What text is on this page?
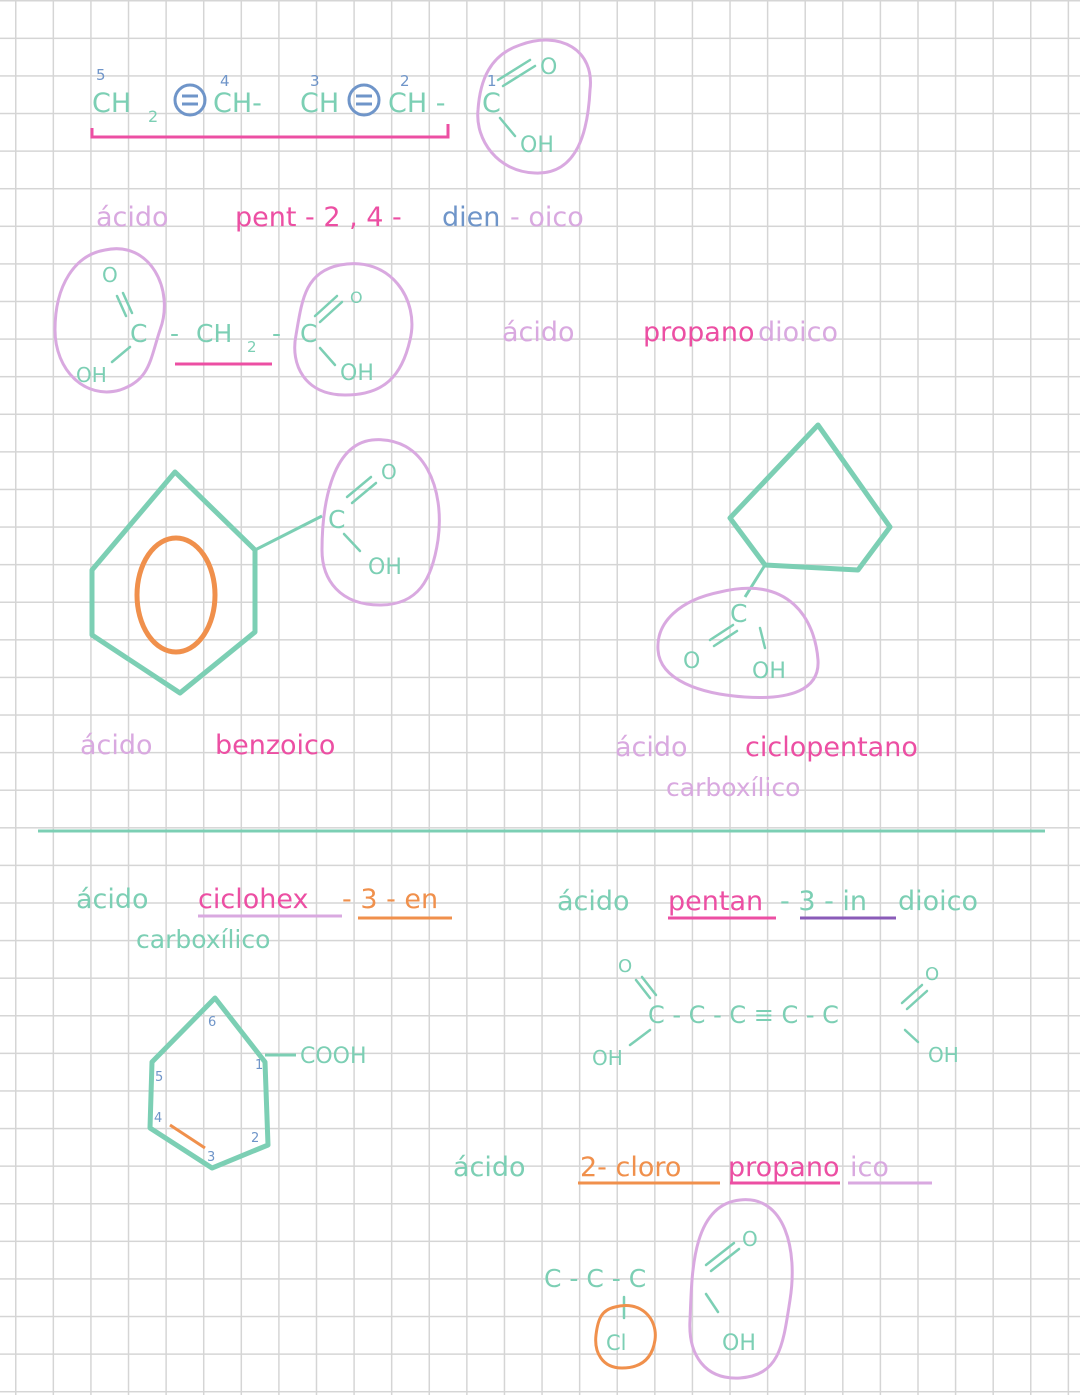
5	4	3	2	1
CH 2 CH- CH CH - C
O
OH
ácido pent - 2 , 4 - dien - oico
O
C - CH 2 - C
O
OH	OH
ácido	propano dioico
C
O
OH
ácido benzoico
C
O OH
ácido ciclopentano
carboxílico
ácido ciclohex - 3 - en
carboxílico
COOH
6
1
5
4
3
2
ácido pentan - 3 - in dioico
O
C - C - C ≡ C - C
O
OH	OH
ácido 2- cloro propano ico
C - C - C
O
Cl	OH
